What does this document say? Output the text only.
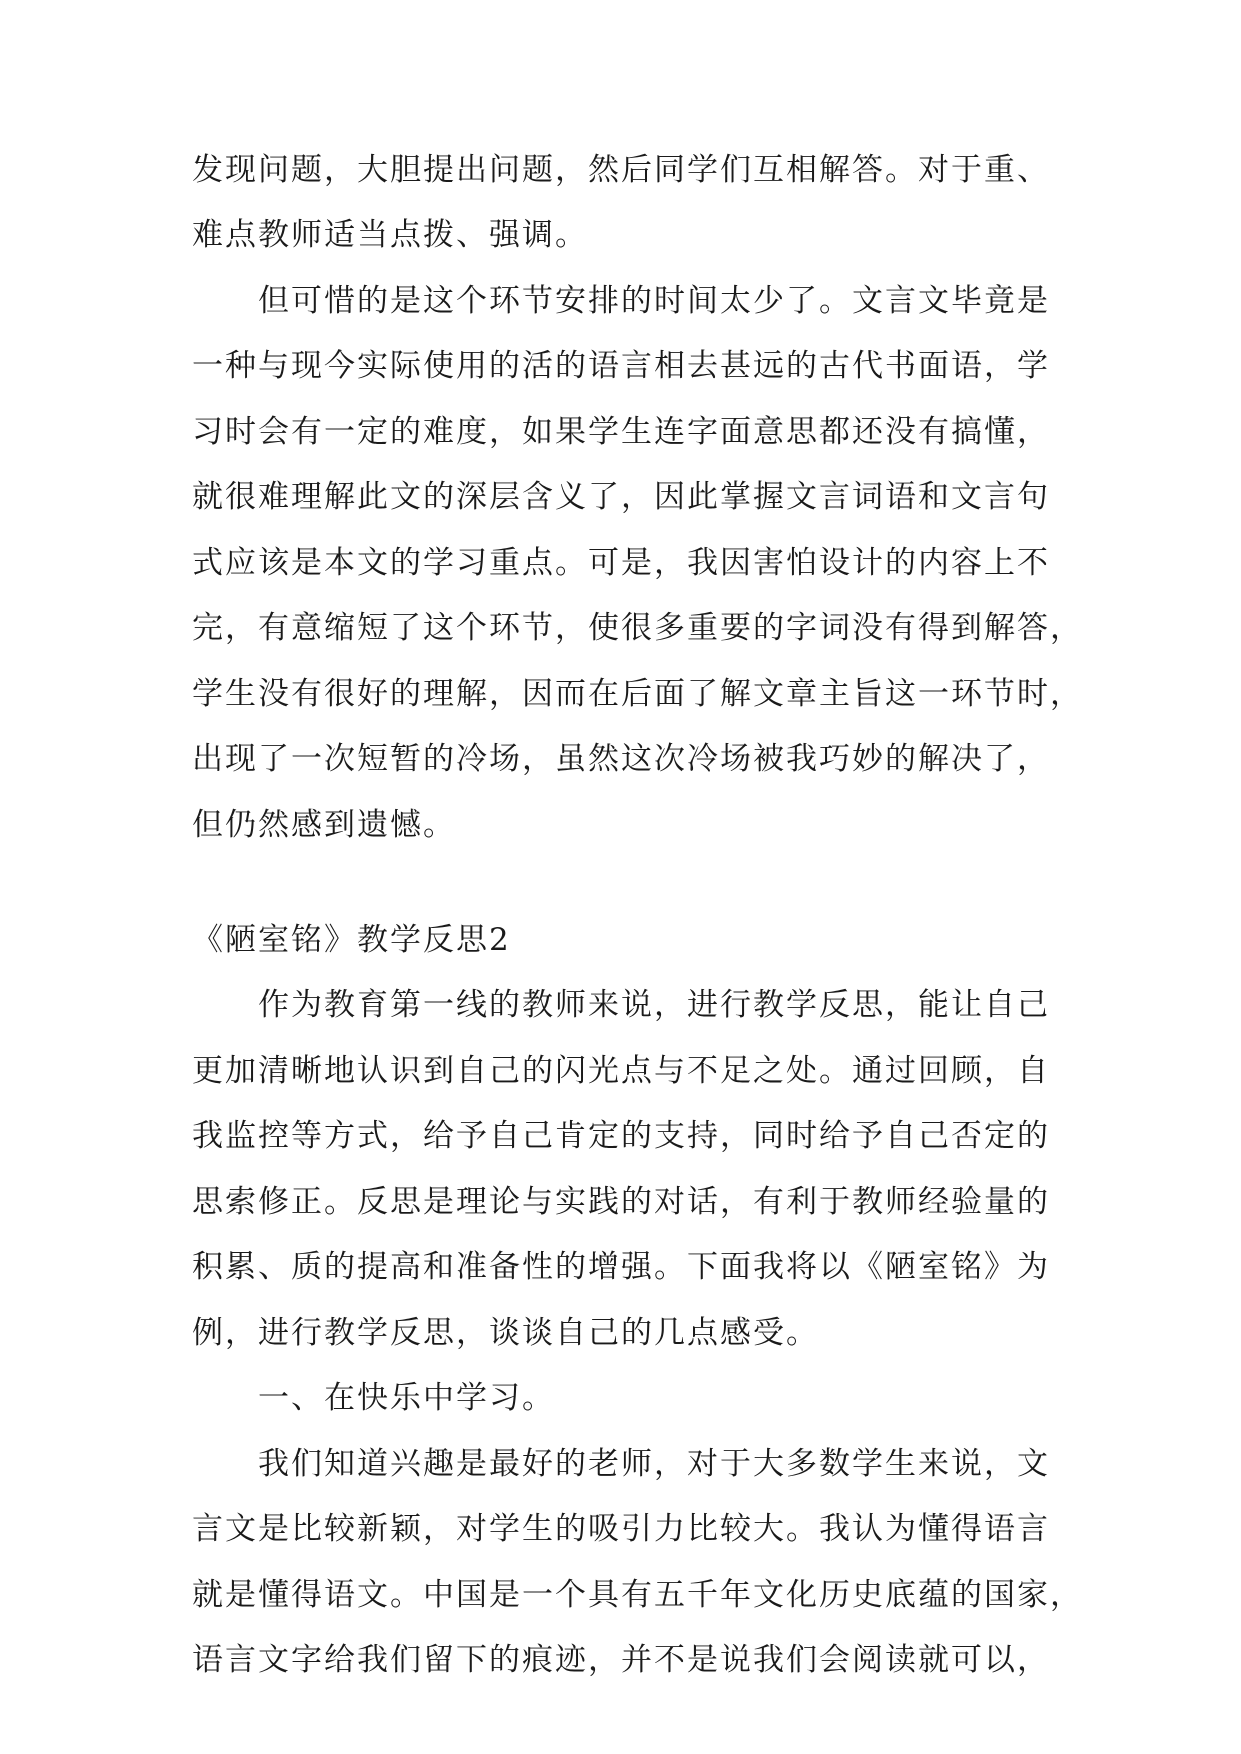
发现问题，大胆提出问题，然后同学们互相解答。对于重、
难点教师适当点拨、强调。
　　但可惜的是这个环节安排的时间太少了。文言文毕竟是
一种与现今实际使用的活的语言相去甚远的古代书面语，学
习时会有一定的难度，如果学生连字面意思都还没有搞懂，
就很难理解此文的深层含义了，因此掌握文言词语和文言句
式应该是本文的学习重点。可是，我因害怕设计的内容上不
完，有意缩短了这个环节，使很多重要的字词没有得到解答，
学生没有很好的理解，因而在后面了解文章主旨这一环节时，
出现了一次短暂的冷场，虽然这次冷场被我巧妙的解决了，
但仍然感到遗憾。
《陋室铭》教学反思2
　　作为教育第一线的教师来说，进行教学反思，能让自己
更加清晰地认识到自己的闪光点与不足之处。通过回顾，自
我监控等方式，给予自己肯定的支持，同时给予自己否定的
思索修正。反思是理论与实践的对话，有利于教师经验量的
积累、质的提高和准备性的增强。下面我将以《陋室铭》为
例，进行教学反思，谈谈自己的几点感受。
　　一、在快乐中学习。
　　我们知道兴趣是最好的老师，对于大多数学生来说，文
言文是比较新颖，对学生的吸引力比较大。我认为懂得语言
就是懂得语文。中国是一个具有五千年文化历史底蕴的国家，
语言文字给我们留下的痕迹，并不是说我们会阅读就可以，
